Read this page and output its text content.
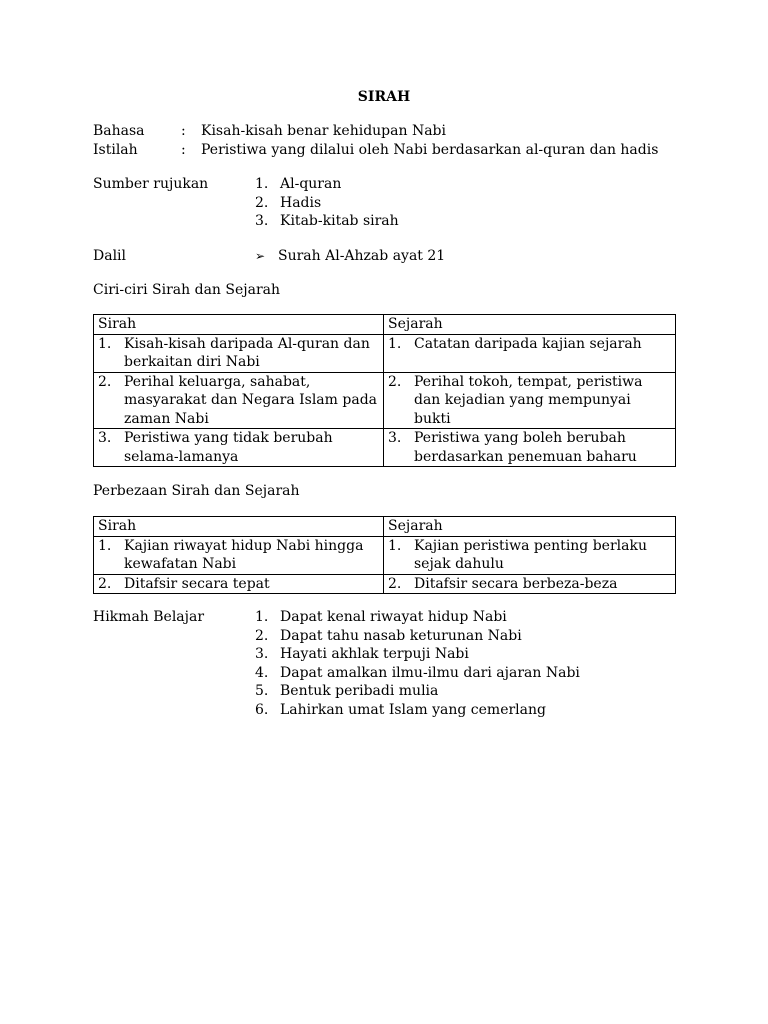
SIRAH
Bahasa	:	Kisah-kisah benar kehidupan Nabi
Istilah	:	Peristiwa yang dilalui oleh Nabi berdasarkan al-quran dan hadis
Sumber rujukan	1. Al-quran
2. Hadis
3. Kitab-kitab sirah
Dalil	➢ Surah Al-Ahzab ayat 21
Ciri-ciri Sirah dan Sejarah
Sirah	Sejarah

1. Kisah-kisah daripada Al-quran dan berkaitan diri Nabi	1. Catatan daripada kajian sejarah

2. Perihal keluarga, sahabat, masyarakat dan Negara Islam pada zaman Nabi	2. Perihal tokoh, tempat, peristiwa dan kejadian yang mempunyai bukti

3. Peristiwa yang tidak berubah selama-lamanya	3. Peristiwa yang boleh berubah berdasarkan penemuan baharu
Perbezaan Sirah dan Sejarah
Sirah	Sejarah

1. Kajian riwayat hidup Nabi hingga kewafatan Nabi	1. Kajian peristiwa penting berlaku sejak dahulu

2. Ditafsir secara tepat	2. Ditafsir secara berbeza-beza
Hikmah Belajar	1. Dapat kenal riwayat hidup Nabi
2. Dapat tahu nasab keturunan Nabi
3. Hayati akhlak terpuji Nabi
4. Dapat amalkan ilmu-ilmu dari ajaran Nabi
5. Bentuk peribadi mulia
6. Lahirkan umat Islam yang cemerlang
